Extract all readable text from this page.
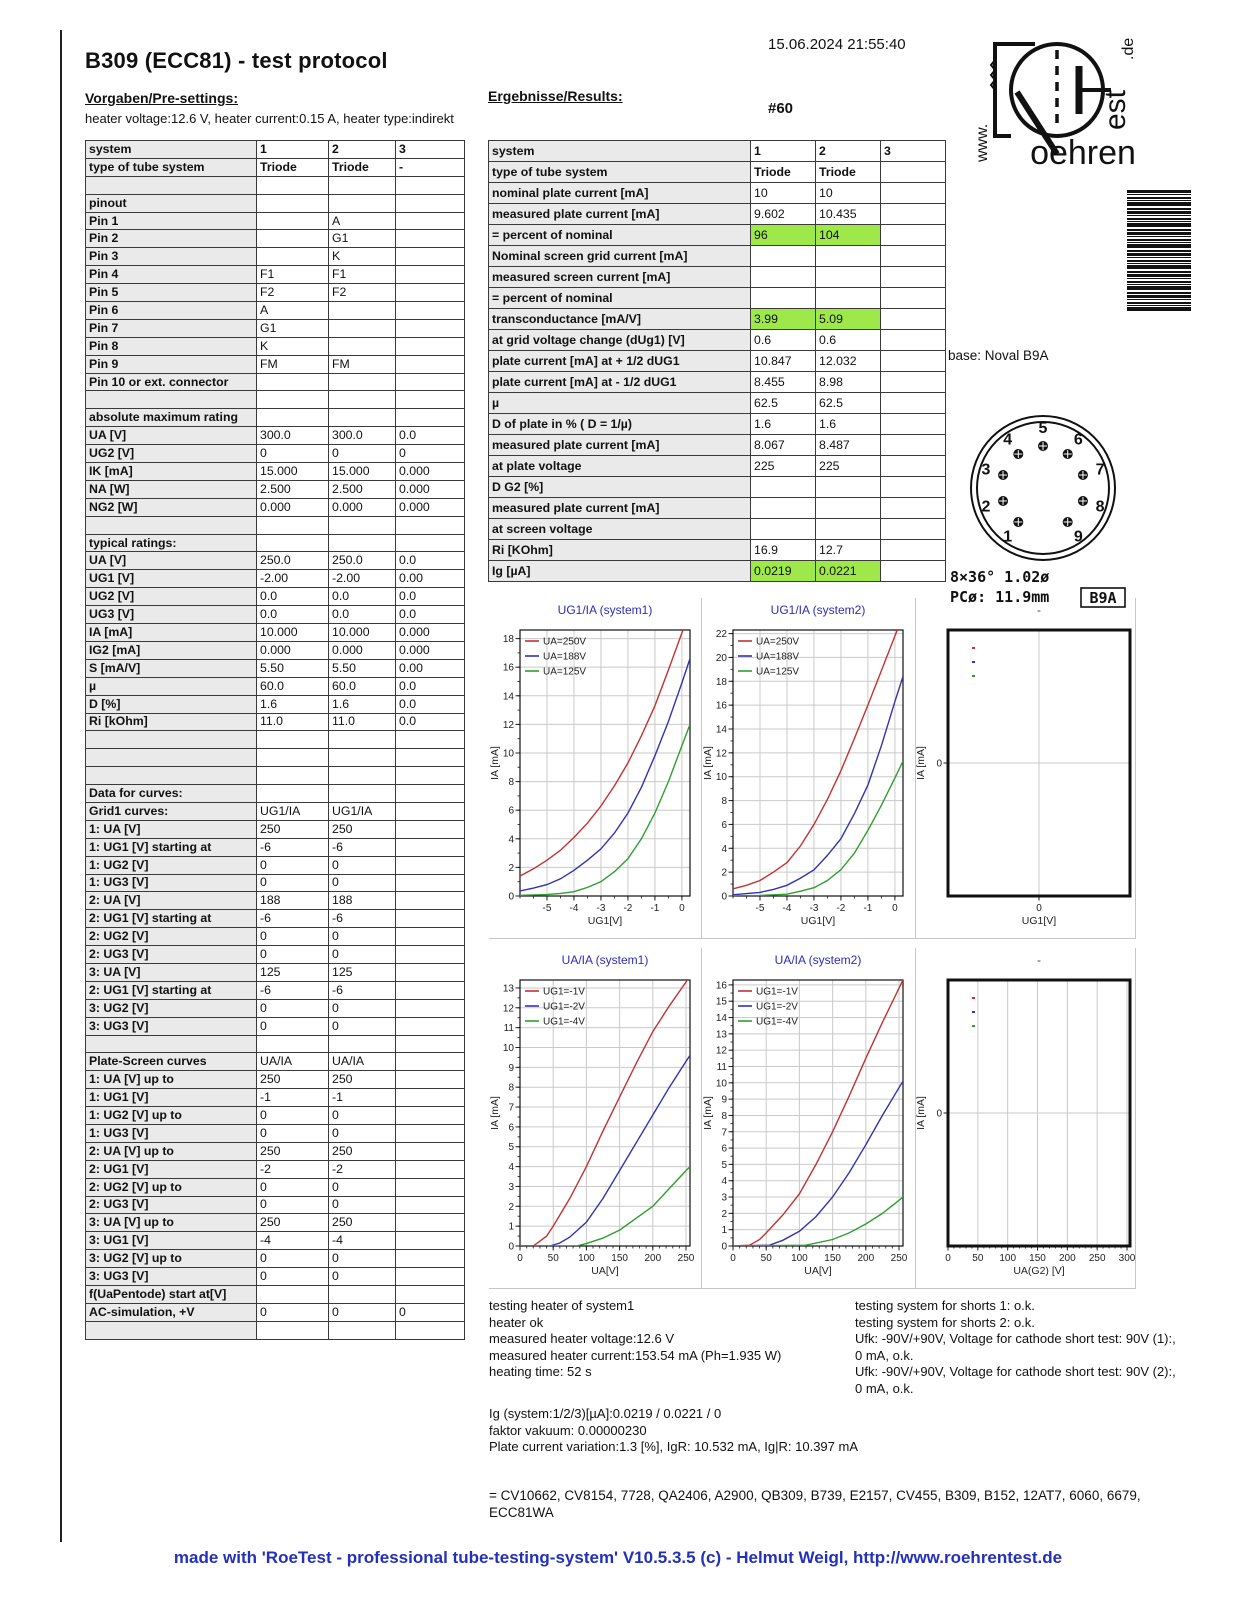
15.06.2024 21:55:40
B309 (ECC81) - test protocol
Vorgaben/Pre-settings:	Ergebnisse/Results:
#60
heater voltage:12.6 V, heater current:0.15 A, heater type:indirekt
base: Noval B9A
oehren
est
.de
www.
system	1	2	3
type of tube system	Triode	Triode	-

pinout			
Pin 1		A	
Pin 2		G1	
Pin 3		K	
Pin 4	F1	F1	
Pin 5	F2	F2	
Pin 6	A		
Pin 7	G1		
Pin 8	K		
Pin 9	FM	FM	
Pin 10 or ext. connector			

absolute maximum rating			
UA [V]	300.0	300.0	0.0
UG2 [V]	0	0	0
IK [mA]	15.000	15.000	0.000
NA [W]	2.500	2.500	0.000
NG2 [W]	0.000	0.000	0.000

typical ratings:			
UA [V]	250.0	250.0	0.0
UG1 [V]	-2.00	-2.00	0.00
UG2 [V]	0.0	0.0	0.0
UG3 [V]	0.0	0.0	0.0
IA [mA]	10.000	10.000	0.000
IG2 [mA]	0.000	0.000	0.000
S [mA/V]	5.50	5.50	0.00
µ	60.0	60.0	0.0
D [%]	1.6	1.6	0.0
Ri [kOhm]	11.0	11.0	0.0

Data for curves:			
Grid1 curves:	UG1/IA	UG1/IA	
1: UA [V]	250	250	
1: UG1 [V] starting at	-6	-6	
1: UG2 [V]	0	0	
1: UG3 [V]	0	0	
2: UA [V]	188	188	
2: UG1 [V] starting at	-6	-6	
2: UG2 [V]	0	0	
2: UG3 [V]	0	0	
3: UA [V]	125	125	
2: UG1 [V] starting at	-6	-6	
3: UG2 [V]	0	0	
3: UG3 [V]	0	0	

Plate-Screen curves	UA/IA	UA/IA	
1: UA [V] up to	250	250	
1: UG1 [V]	-1	-1	
1: UG2 [V] up to	0	0	
1: UG3 [V]	0	0	
2: UA [V] up to	250	250	
2: UG1 [V]	-2	-2	
2: UG2 [V] up to	0	0	
2: UG3 [V]	0	0	
3: UA [V] up to	250	250	
3: UG1 [V]	-4	-4	
3: UG2 [V] up to	0	0	
3: UG3 [V]	0	0	
f(UaPentode) start at[V]			
AC-simulation, +V	0	0	0

system	1	2	3
type of tube system	Triode	Triode	
nominal plate current [mA]	10	10	
measured plate current [mA]	9.602	10.435	
= percent of nominal	96	104	
Nominal screen grid current [mA]			
measured screen current [mA]			
= percent of nominal			
transconductance [mA/V]	3.99	5.09	
at grid voltage change (dUg1) [V]	0.6	0.6	
plate current [mA] at + 1/2 dUG1	10.847	12.032	
plate current [mA] at - 1/2 dUG1	8.455	8.98	
µ	62.5	62.5	
D of plate in % ( D = 1/µ)	1.6	1.6	
measured plate current [mA]	8.067	8.487	
at plate voltage	225	225	
D G2 [%]			
measured plate current [mA]			
at screen voltage			
Ri [KOhm]	16.9	12.7	
Ig [µA]	0.0219	0.0221	
5
6
7
8
9
1
2
3
4
8×36° 1.02ø
PCø: 11.9mm	B9A
-5 -4 -3 -2 -1 0
0
2
4
6
8
10
12
14
16
18	UA=250V
UA=188V
UA=125V
UG1/IA (system1)
UG1[V]
IA [mA]
-5 -4 -3 -2 -1 0
0
2
4
6
8
10
12
14
16
18
20
22
UA=250V
UA=188V
UA=125V
UG1/IA (system2)
UG1[V]
IA [mA]
0
0
-
UG1[V]
IA [mA]
0 50 100 150 200 250
0
1
2
3
4
5
6
7
8
9
10
11
12
13	UG1=-1V
UG1=-2V
UG1=-4V
UA/IA (system1)
UA[V]
IA [mA]
0 50 100 150 200 250
0
1
2
3
4
5
6
7
8
9
10
11
12
13
14
15
16
UG1=-1V
UG1=-2V
UG1=-4V
UA/IA (system2)
UA[V]
IA [mA]
0 50 100 150 200 250 300
0
-
UA(G2) [V]
IA [mA]
testing heater of system1
heater ok
measured heater voltage:12.6 V
measured heater current:153.54 mA (Ph=1.935 W)
heating time: 52 s
testing system for shorts 1: o.k.
testing system for shorts 2: o.k.
Ufk: -90V/+90V, Voltage for cathode short test: 90V (1):, 0 mA, o.k.
Ufk: -90V/+90V, Voltage for cathode short test: 90V (2):, 0 mA, o.k.
Ig (system:1/2/3)[µA]:0.0219 / 0.0221 / 0
faktor vakuum: 0.00000230
Plate current variation:1.3 [%], IgR: 10.532 mA, Ig|R: 10.397 mA
= CV10662, CV8154, 7728, QA2406, A2900, QB309, B739, E2157, CV455, B309, B152, 12AT7, 6060, 6679, ECC81WA
made with 'RoeTest - professional tube-testing-system' V10.5.3.5 (c) - Helmut Weigl, http://www.roehrentest.de
